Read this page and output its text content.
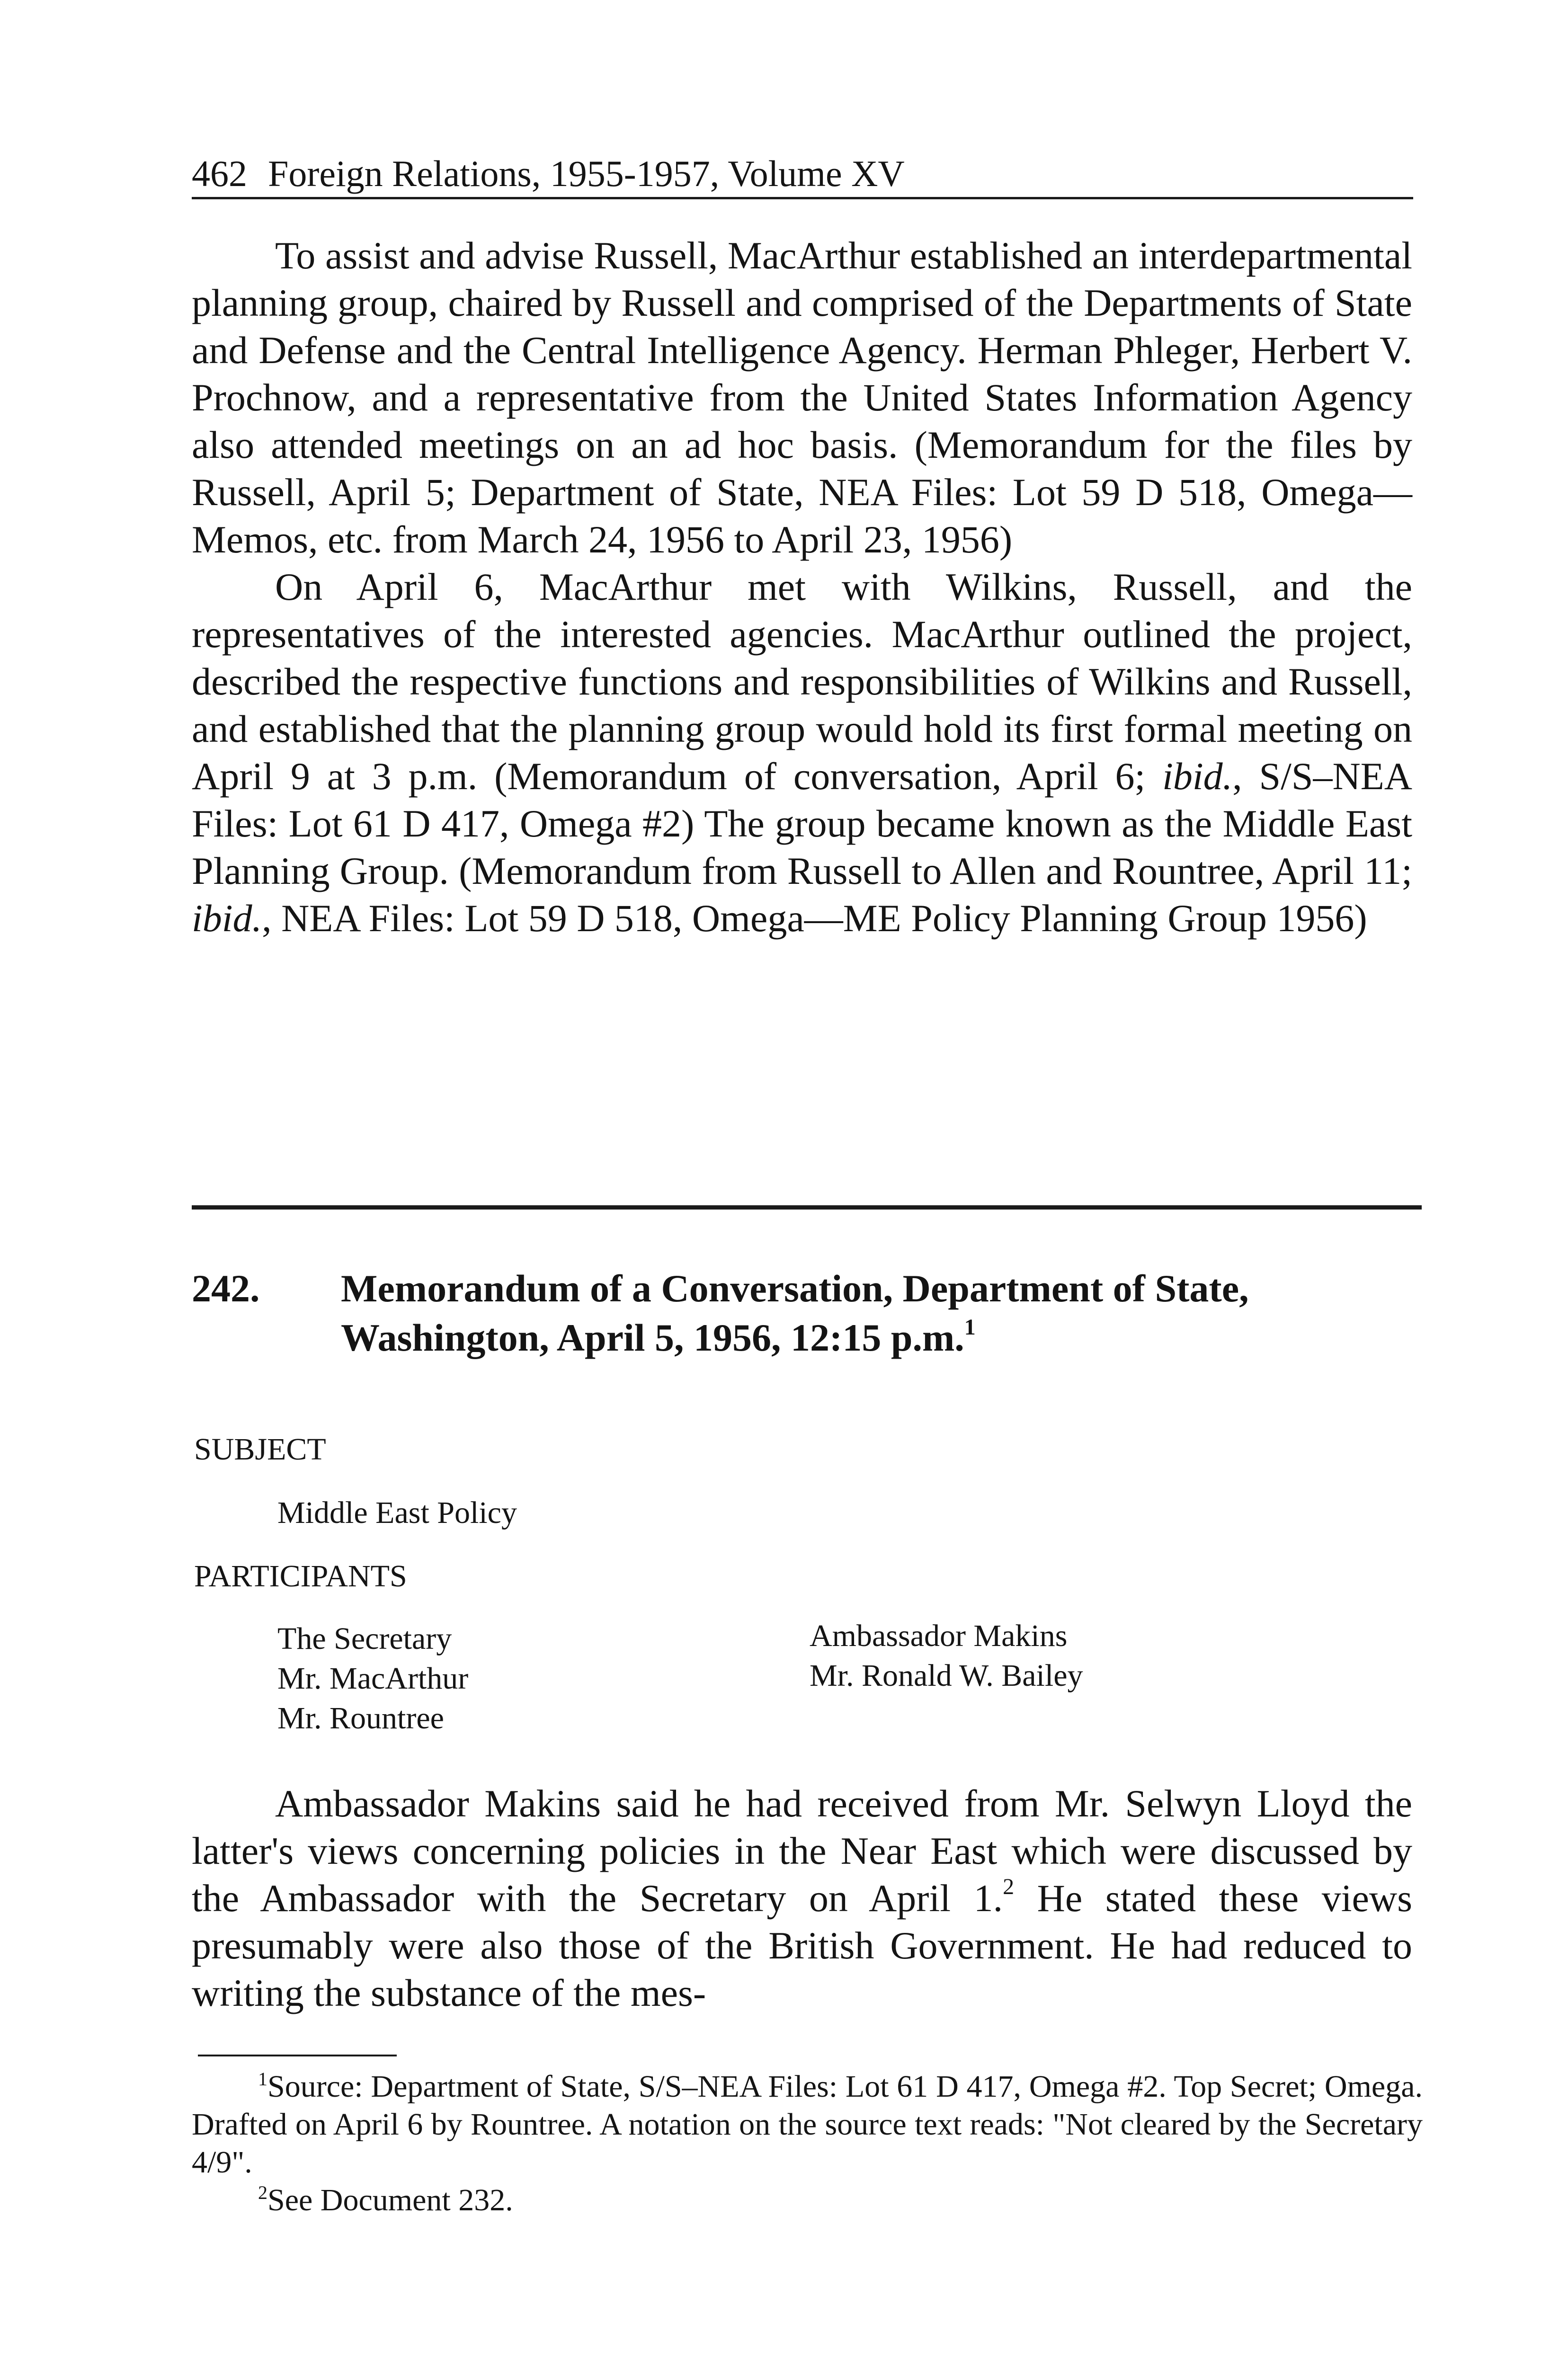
462 Foreign Relations, 1955-1957, Volume XV

To assist and advise Russell, MacArthur established an interdepartmental planning group, chaired by Russell and comprised of the Departments of State and Defense and the Central Intelligence Agency. Herman Phleger, Herbert V. Prochnow, and a representative from the United States Information Agency also attended meetings on an ad hoc basis. (Memorandum for the files by Russell, April 5; Department of State, NEA Files: Lot 59 D 518, Omega—Memos, etc. from March 24, 1956 to April 23, 1956)

On April 6, MacArthur met with Wilkins, Russell, and the representatives of the interested agencies. MacArthur outlined the project, described the respective functions and responsibilities of Wilkins and Russell, and established that the planning group would hold its first formal meeting on April 9 at 3 p.m. (Memorandum of conversation, April 6; ibid., S/S–NEA Files: Lot 61 D 417, Omega #2) The group became known as the Middle East Planning Group. (Memorandum from Russell to Allen and Rountree, April 11; ibid., NEA Files: Lot 59 D 518, Omega—ME Policy Planning Group 1956)

242. Memorandum of a Conversation, Department of State, Washington, April 5, 1956, 12:15 p.m.$^1$
SUBJECT
Middle East Policy
PARTICIPANTS
The Secretary
Mr. MacArthur
Mr. Rountree
Ambassador Makins
Mr. Ronald W. Bailey

Ambassador Makins said he had received from Mr. Selwyn Lloyd the latter's views concerning policies in the Near East which were discussed by the Ambassador with the Secretary on April 1.$^2$ He stated these views presumably were also those of the British Government. He had reduced to writing the substance of the mes-

$^1$Source: Department of State, S/S–NEA Files: Lot 61 D 417, Omega #2. Top Secret; Omega. Drafted on April 6 by Rountree. A notation on the source text reads: "Not cleared by the Secretary 4/9".

$^2$See Document 232.
